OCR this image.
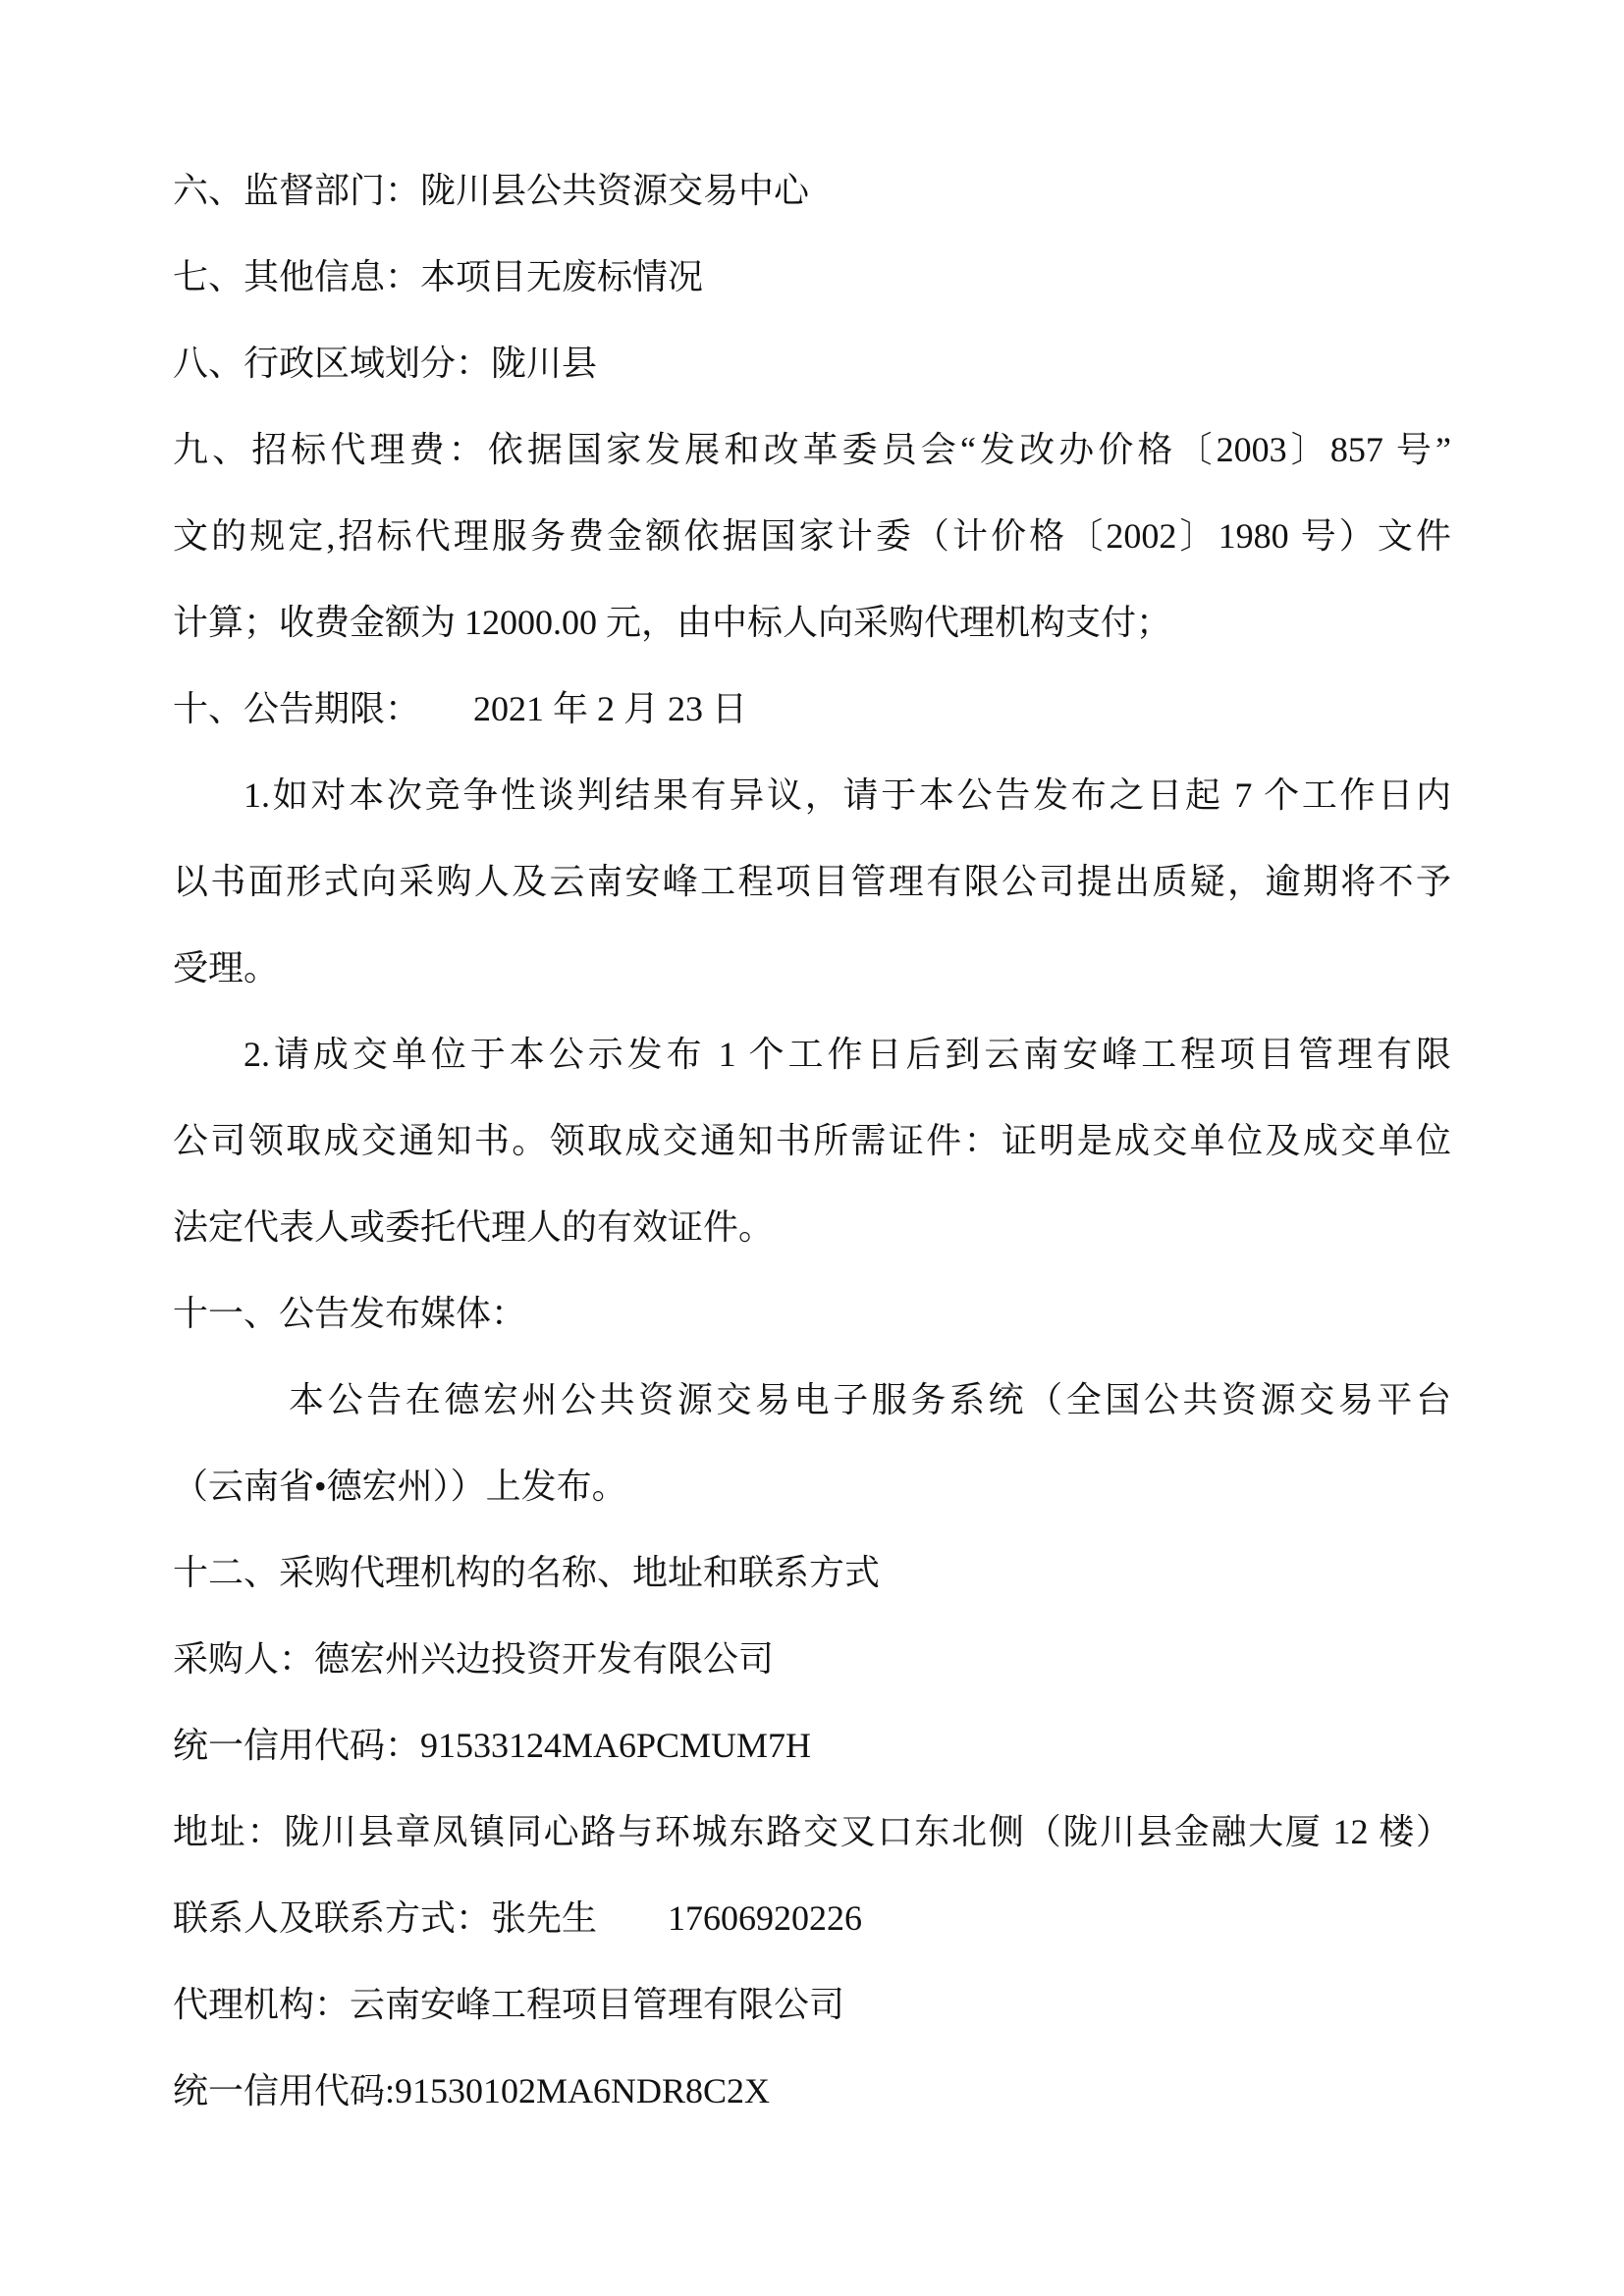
六、监督部门：陇川县公共资源交易中心
七、其他信息：本项目无废标情况
八、行政区域划分：陇川县
九、招标代理费：依据国家发展和改革委员会“发改办价格〔2003〕857 号”
文的规定,招标代理服务费金额依据国家计委（计价格〔2002〕1980 号）文件
计算；收费金额为 12000.00 元，由中标人向采购代理机构支付；
十、公告期限：　　2021 年 2 月 23 日
1.如对本次竞争性谈判结果有异议，请于本公告发布之日起 7 个工作日内
以书面形式向采购人及云南安峰工程项目管理有限公司提出质疑，逾期将不予
受理。
2.请成交单位于本公示发布 1 个工作日后到云南安峰工程项目管理有限
公司领取成交通知书。领取成交通知书所需证件：证明是成交单位及成交单位
法定代表人或委托代理人的有效证件。
十一、公告发布媒体：
本公告在德宏州公共资源交易电子服务系统（全国公共资源交易平台
（云南省•德宏州））上发布。
十二、采购代理机构的名称、地址和联系方式
采购人：德宏州兴边投资开发有限公司
统一信用代码：91533124MA6PCMUM7H
地址：陇川县章凤镇同心路与环城东路交叉口东北侧（陇川县金融大厦 12 楼）
联系人及联系方式：张先生　　17606920226
代理机构：云南安峰工程项目管理有限公司
统一信用代码:91530102MA6NDR8C2X
